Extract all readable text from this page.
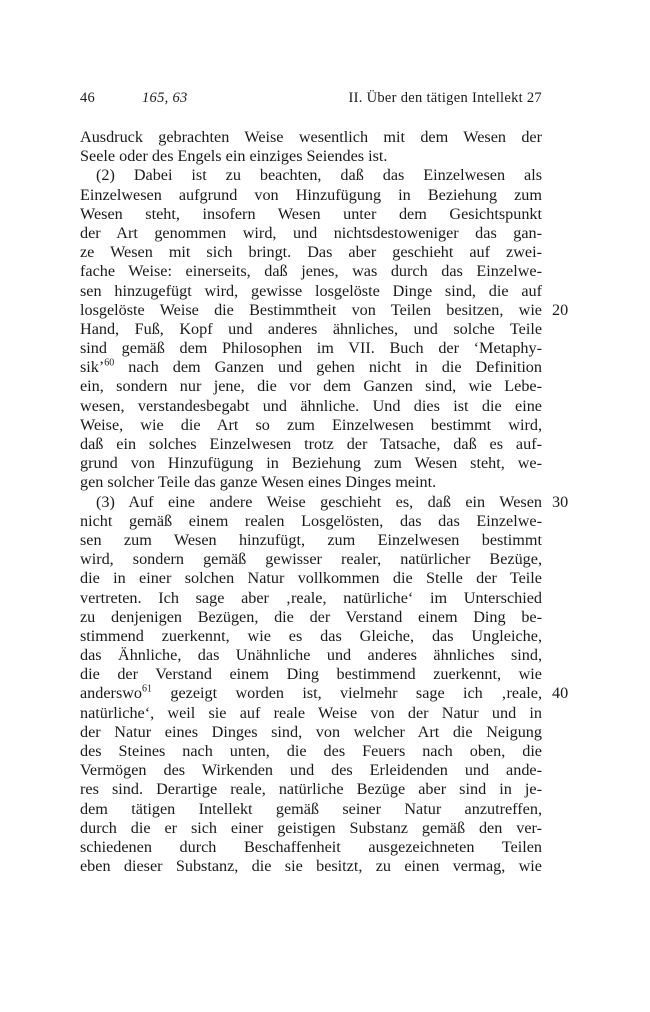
46	165, 63	II. Über den tätigen Intellekt 27
Ausdruck gebrachten Weise wesentlich mit dem Wesen der
Seele oder des Engels ein einziges Seiendes ist.
(2) Dabei ist zu beachten, daß das Einzelwesen als
Einzelwesen aufgrund von Hinzufügung in Beziehung zum
Wesen steht, insofern Wesen unter dem Gesichtspunkt
der Art genommen wird, und nichtsdestoweniger das gan-
ze Wesen mit sich bringt. Das aber geschieht auf zwei-
fache Weise: einerseits, daß jenes, was durch das Einzelwe-
sen hinzugefügt wird, gewisse losgelöste Dinge sind, die auf
losgelöste Weise die Bestimmtheit von Teilen besitzen, wie 20
Hand, Fuß, Kopf und anderes ähnliches, und solche Teile
sind gemäß dem Philosophen im VII. Buch der ‘Metaphy-
sik’$^{60}$ nach dem Ganzen und gehen nicht in die Definition
ein, sondern nur jene, die vor dem Ganzen sind, wie Lebe-
wesen, verstandesbegabt und ähnliche. Und dies ist die eine
Weise, wie die Art so zum Einzelwesen bestimmt wird,
daß ein solches Einzelwesen trotz der Tatsache, daß es auf-
grund von Hinzufügung in Beziehung zum Wesen steht, we-
gen solcher Teile das ganze Wesen eines Dinges meint.
(3) Auf eine andere Weise geschieht es, daß ein Wesen 30
nicht gemäß einem realen Losgelösten, das das Einzelwe-
sen zum Wesen hinzufügt, zum Einzelwesen bestimmt
wird, sondern gemäß gewisser realer, natürlicher Bezüge,
die in einer solchen Natur vollkommen die Stelle der Teile
vertreten. Ich sage aber ‚reale, natürliche‘ im Unterschied
zu denjenigen Bezügen, die der Verstand einem Ding be-
stimmend zuerkennt, wie es das Gleiche, das Ungleiche,
das Ähnliche, das Unähnliche und anderes ähnliches sind,
die der Verstand einem Ding bestimmend zuerkennt, wie
anderswo$^{61}$ gezeigt worden ist, vielmehr sage ich ‚reale, 40
natürliche‘, weil sie auf reale Weise von der Natur und in
der Natur eines Dinges sind, von welcher Art die Neigung
des Steines nach unten, die des Feuers nach oben, die
Vermögen des Wirkenden und des Erleidenden und ande-
res sind. Derartige reale, natürliche Bezüge aber sind in je-
dem tätigen Intellekt gemäß seiner Natur anzutreffen,
durch die er sich einer geistigen Substanz gemäß den ver-
schiedenen durch Beschaffenheit ausgezeichneten Teilen
eben dieser Substanz, die sie besitzt, zu einen vermag, wie
